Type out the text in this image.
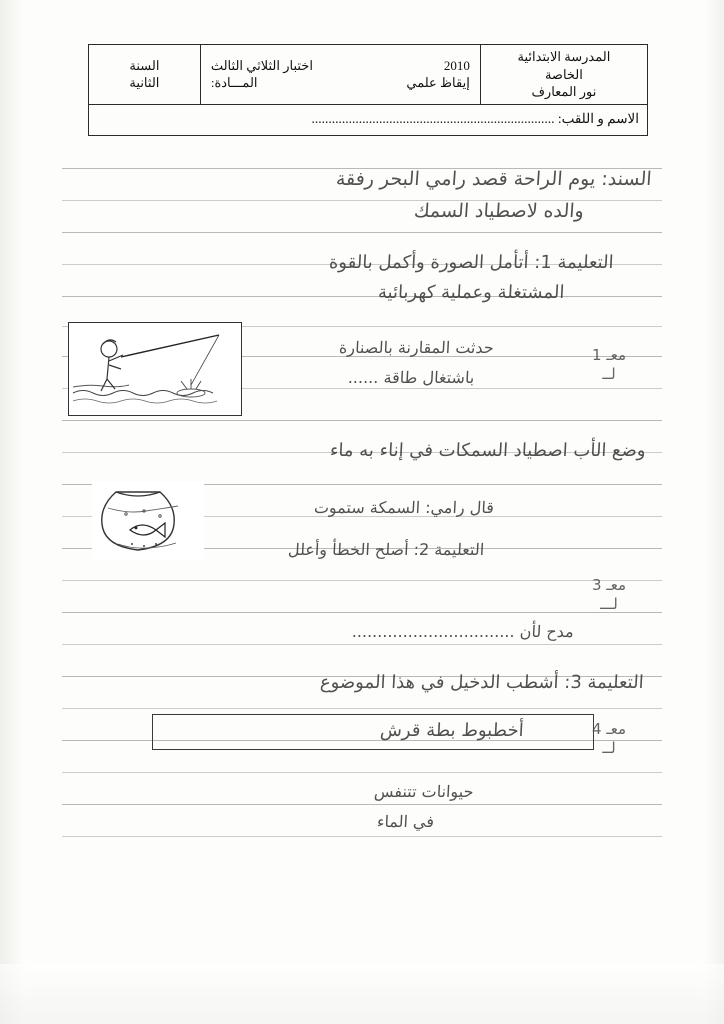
المدرسة الابتدائية
الخاصة
نور المعارف

2010
اختبار الثلاثي الثالث
إيقاظ علمي
المـــادة:

السنة
الثانية

الاسم و اللقب: ........................................................................
السند: يوم الراحة قصد رامي البحر رفقة
والده لاصطياد السمك
التعليمة 1: أتأمل الصورة وأكمل بالقوة
المشتغلة وعملية كهربائية
حدثت المقارنة بالصنارة
باشتغال طاقة ......
معـ 1
لــ
وضع الأب اصطياد السمكات في إناء به ماء
قال رامي: السمكة ستموت
التعليمة 2: أصلح الخطأ وأعلل
معـ 3
لـــ
مدح لأن ................................
التعليمة 3: أشطب الدخيل في هذا الموضوع
أخطبوط بطة قرش	معـ 4
لــ
حيوانات تتنفس
في الماء
